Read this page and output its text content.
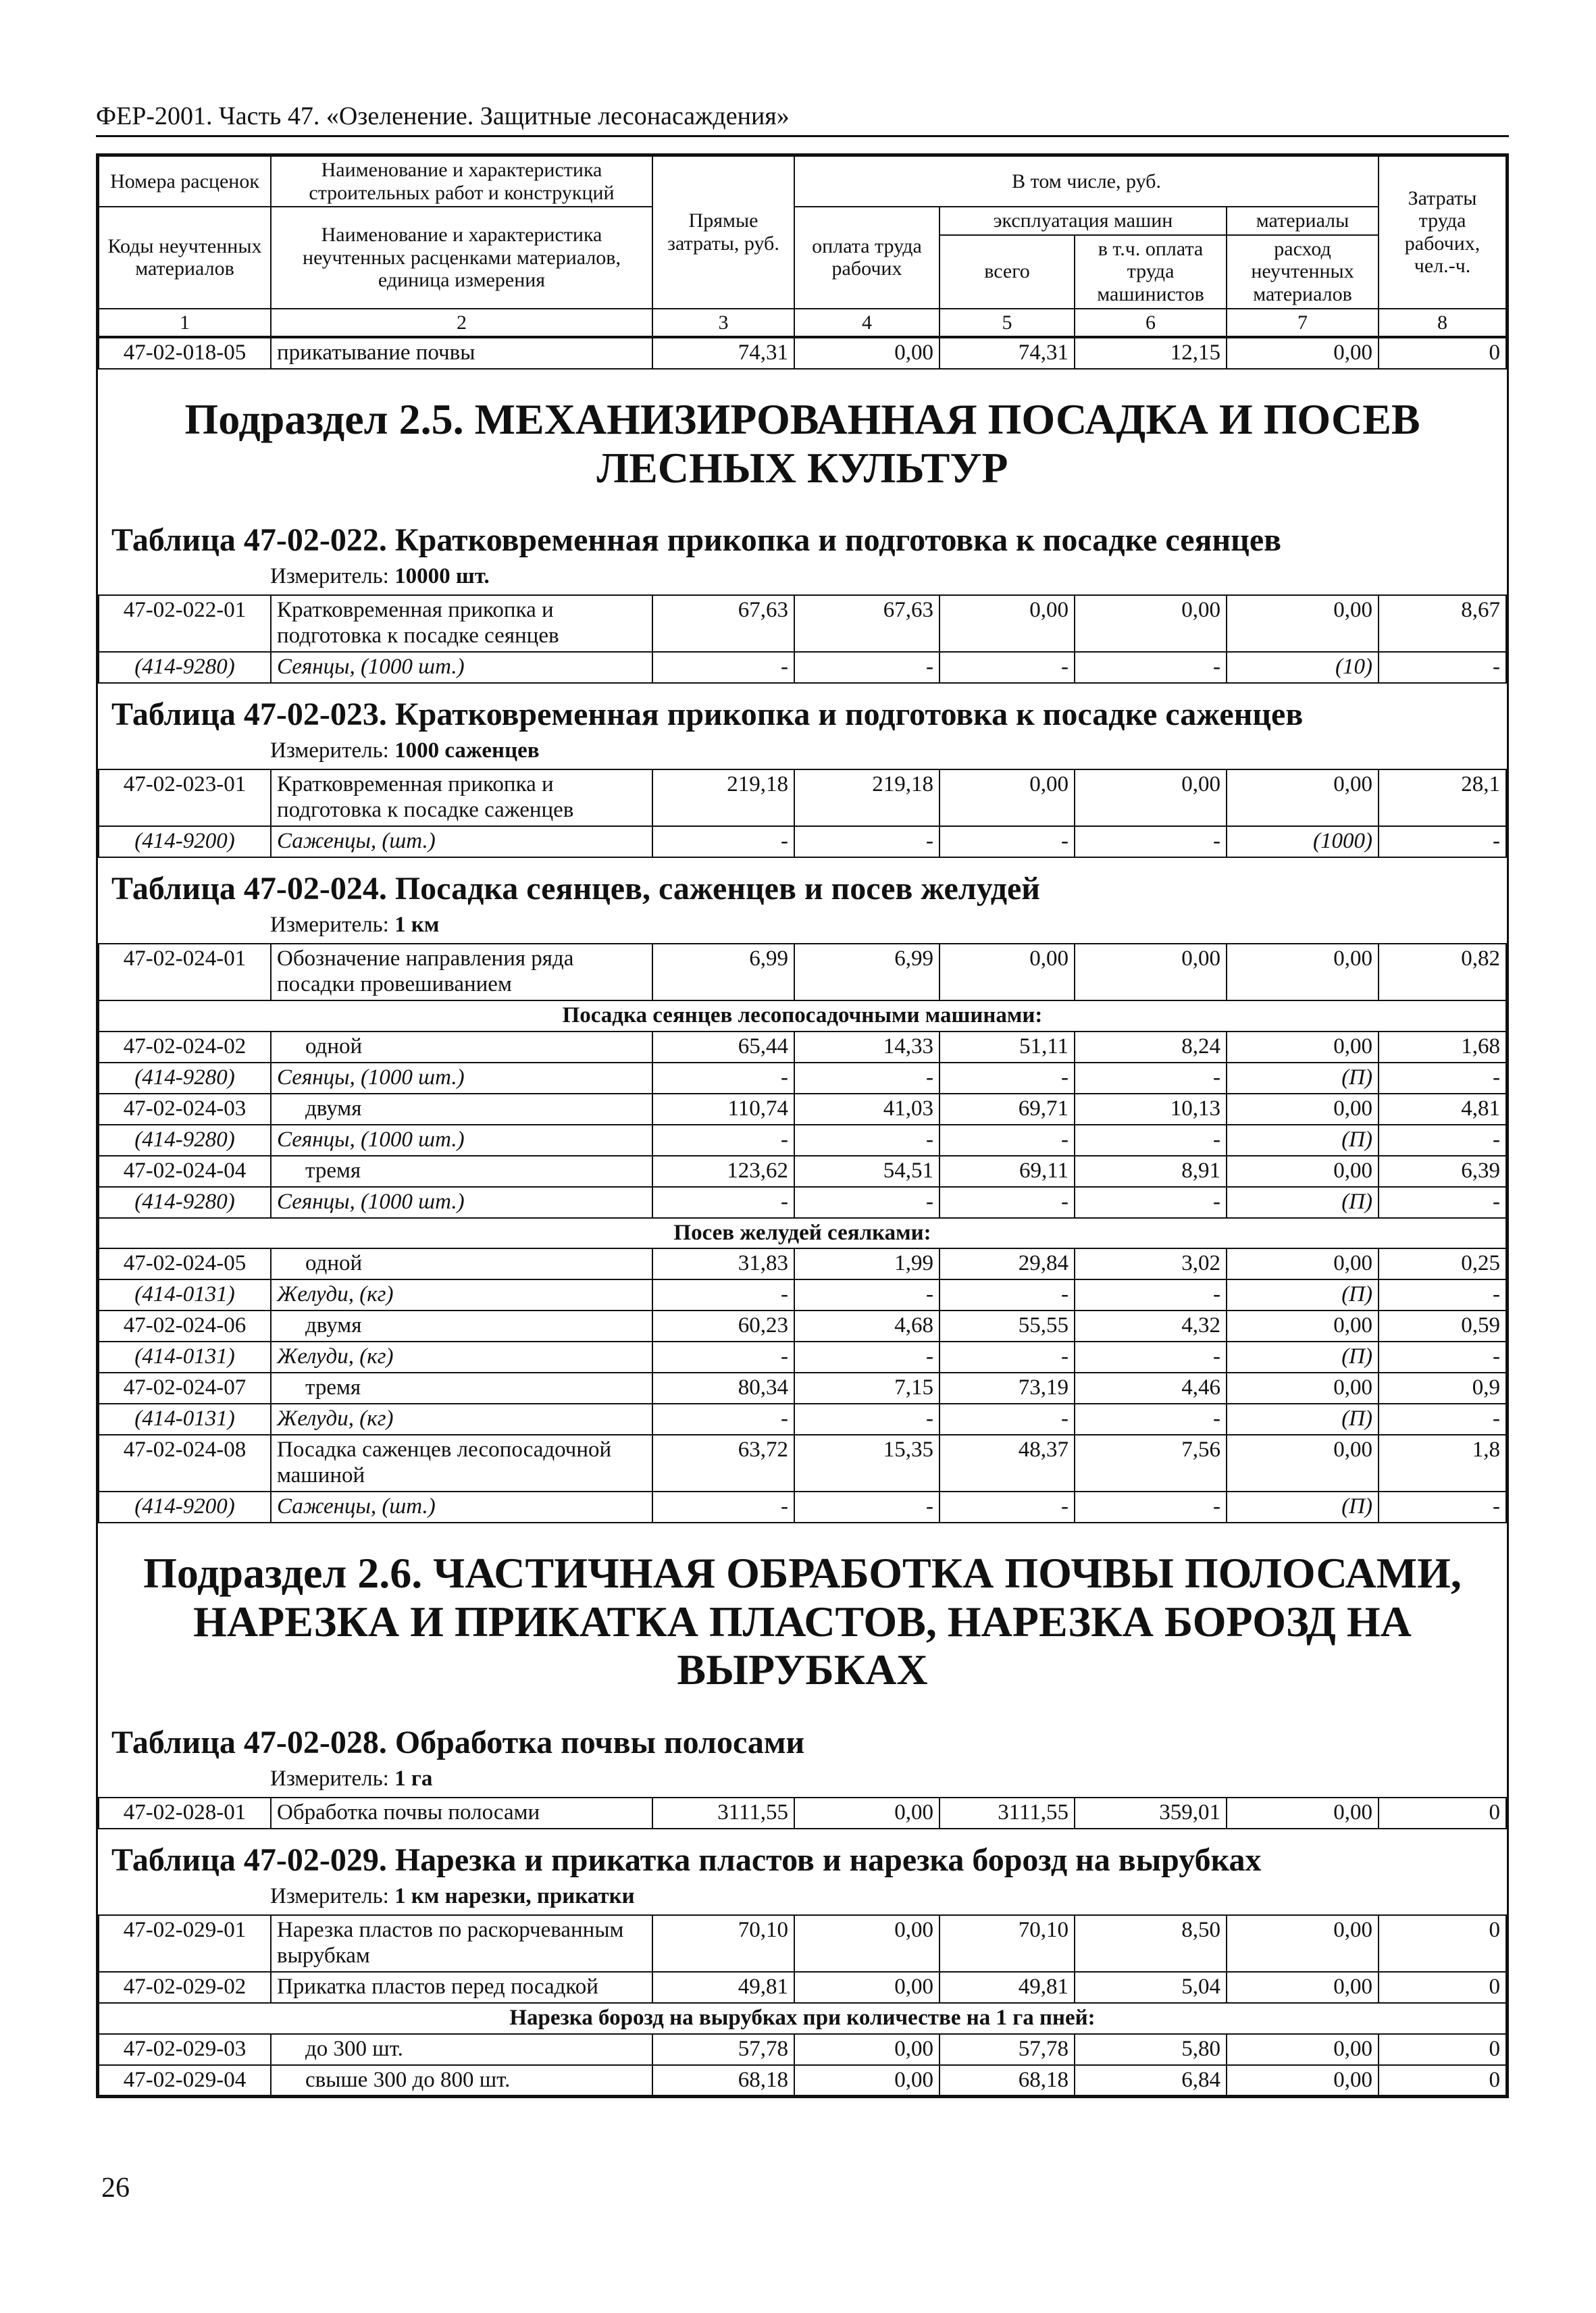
ФЕР-2001. Часть 47. «Озеленение. Защитные лесонасаждения»
Номера расценок	Наименование и характеристика строительных работ и конструкций	Прямые затраты, руб.	В том числе, руб.				Затраты труда рабочих, чел.-ч.
Коды неучтенных материалов	Наименование и характеристика неучтенных расценками материалов, единица измерения		оплата труда рабочих	эксплуатация машин		материалы	
				всего	в т.ч. оплата труда машинистов	расход неучтенных материалов	
1	2	3	4	5	6	7	8
47-02-018-05	прикатывание почвы	74,31	0,00	74,31	12,15	0,00	0
Подраздел 2.5. МЕХАНИЗИРОВАННАЯ ПОСАДКА И ПОСЕВ ЛЕСНЫХ КУЛЬТУР
Таблица 47-02-022. Кратковременная прикопка и подготовка к посадке сеянцев
Измеритель: 10000 шт.
47-02-022-01	Кратковременная прикопка и подготовка к посадке сеянцев	67,63	67,63	0,00	0,00	0,00	8,67
(414-9280)	Сеянцы, (1000 шт.)	-	-	-	-	(10)	-
Таблица 47-02-023. Кратковременная прикопка и подготовка к посадке саженцев
Измеритель: 1000 саженцев
47-02-023-01	Кратковременная прикопка и подготовка к посадке саженцев	219,18	219,18	0,00	0,00	0,00	28,1
(414-9200)	Саженцы, (шт.)	-	-	-	-	(1000)	-
Таблица 47-02-024. Посадка сеянцев, саженцев и посев желудей
Измеритель: 1 км
47-02-024-01	Обозначение направления ряда посадки провешиванием	6,99	6,99	0,00	0,00	0,00	0,82
Посадка сеянцев лесопосадочными машинами:							
47-02-024-02	одной	65,44	14,33	51,11	8,24	0,00	1,68
(414-9280)	Сеянцы, (1000 шт.)	-	-	-	-	(П)	-
47-02-024-03	двумя	110,74	41,03	69,71	10,13	0,00	4,81
(414-9280)	Сеянцы, (1000 шт.)	-	-	-	-	(П)	-
47-02-024-04	тремя	123,62	54,51	69,11	8,91	0,00	6,39
(414-9280)	Сеянцы, (1000 шт.)	-	-	-	-	(П)	-
Посев желудей сеялками:							
47-02-024-05	одной	31,83	1,99	29,84	3,02	0,00	0,25
(414-0131)	Желуди, (кг)	-	-	-	-	(П)	-
47-02-024-06	двумя	60,23	4,68	55,55	4,32	0,00	0,59
(414-0131)	Желуди, (кг)	-	-	-	-	(П)	-
47-02-024-07	тремя	80,34	7,15	73,19	4,46	0,00	0,9
(414-0131)	Желуди, (кг)	-	-	-	-	(П)	-
47-02-024-08	Посадка саженцев лесопосадочной машиной	63,72	15,35	48,37	7,56	0,00	1,8
(414-9200)	Саженцы, (шт.)	-	-	-	-	(П)	-
Подраздел 2.6. ЧАСТИЧНАЯ ОБРАБОТКА ПОЧВЫ ПОЛОСАМИ, НАРЕЗКА И ПРИКАТКА ПЛАСТОВ, НАРЕЗКА БОРОЗД НА ВЫРУБКАХ
Таблица 47-02-028. Обработка почвы полосами
Измеритель: 1 га
47-02-028-01	Обработка почвы полосами	3111,55	0,00	3111,55	359,01	0,00	0
Таблица 47-02-029. Нарезка и прикатка пластов и нарезка борозд на вырубках
Измеритель: 1 км нарезки, прикатки
47-02-029-01	Нарезка пластов по раскорчеванным вырубкам	70,10	0,00	70,10	8,50	0,00	0
47-02-029-02	Прикатка пластов перед посадкой	49,81	0,00	49,81	5,04	0,00	0
Нарезка борозд на вырубках при количестве на 1 га пней:							
47-02-029-03	до 300 шт.	57,78	0,00	57,78	5,80	0,00	0
47-02-029-04	свыше 300 до 800 шт.	68,18	0,00	68,18	6,84	0,00	0
26
